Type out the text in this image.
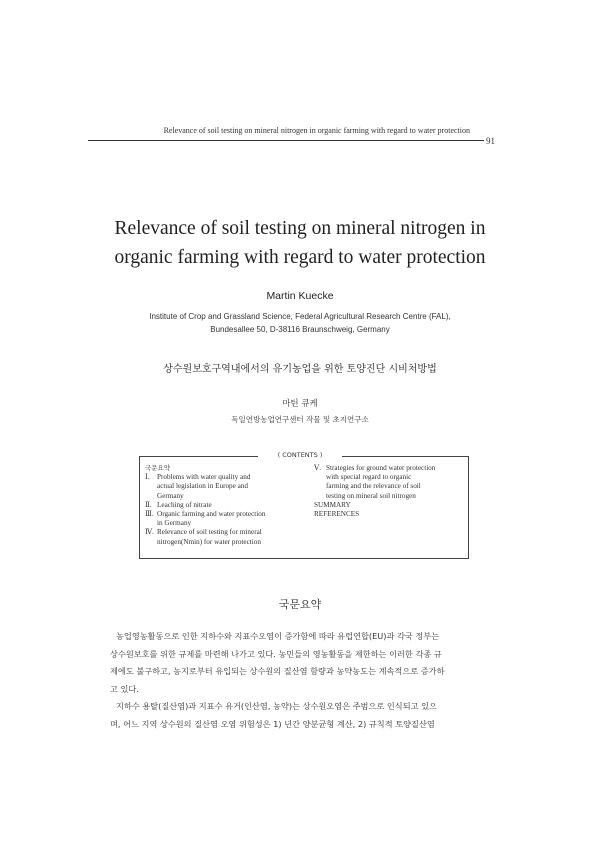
Relevance of soil testing on mineral nitrogen in organic farming with regard to water protection
91
Relevance of soil testing on mineral nitrogen in
organic farming with regard to water protection
Martin Kuecke
Institute of Crop and Grassland Science, Federal Agricultural Research Centre (FAL),
Bundesallee 50, D-38116 Braunschweig, Germany
상수원보호구역내에서의 유기농업을 위한 토양진단 시비처방법
마틴 큐케
독일연방농업연구센터 작물 및 초지연구소
( CONTENTS )
국문요약
Ⅰ. Problems with water quality and
actual legislation in Europe and
Germany
Ⅱ. Leaching of nitrate
Ⅲ. Organic farming and water protection
in Germany
Ⅳ. Relevance of soil testing for mineral
nitrogen(Nmin) for water protection
Ⅴ. Strategies for ground water protection
with special regard to organic
farming and the relevance of soil
testing on mineral soil nitrogen
SUMMARY
REFERENCES
국문요약
농업영농활동으로 인한 지하수와 지표수오염이 증가함에 따라 유럽연합(EU)과 각국 정부는
상수원보호를 위한 규제를 마련해 나가고 있다. 농민들의 영농활동을 제한하는 이러한 각종 규
제에도 불구하고, 농지로부터 유입되는 상수원의 질산염 함량과 농약농도는 계속적으로 증가하
고 있다.
지하수 용탈(질산염)과 지표수 유거(인산염, 농약)는 상수원오염은 주범으로 인식되고 있으
며, 어느 지역 상수원의 질산염 오염 위험성은 1) 년간 양분균형 계산, 2) 규칙적 토양질산염
